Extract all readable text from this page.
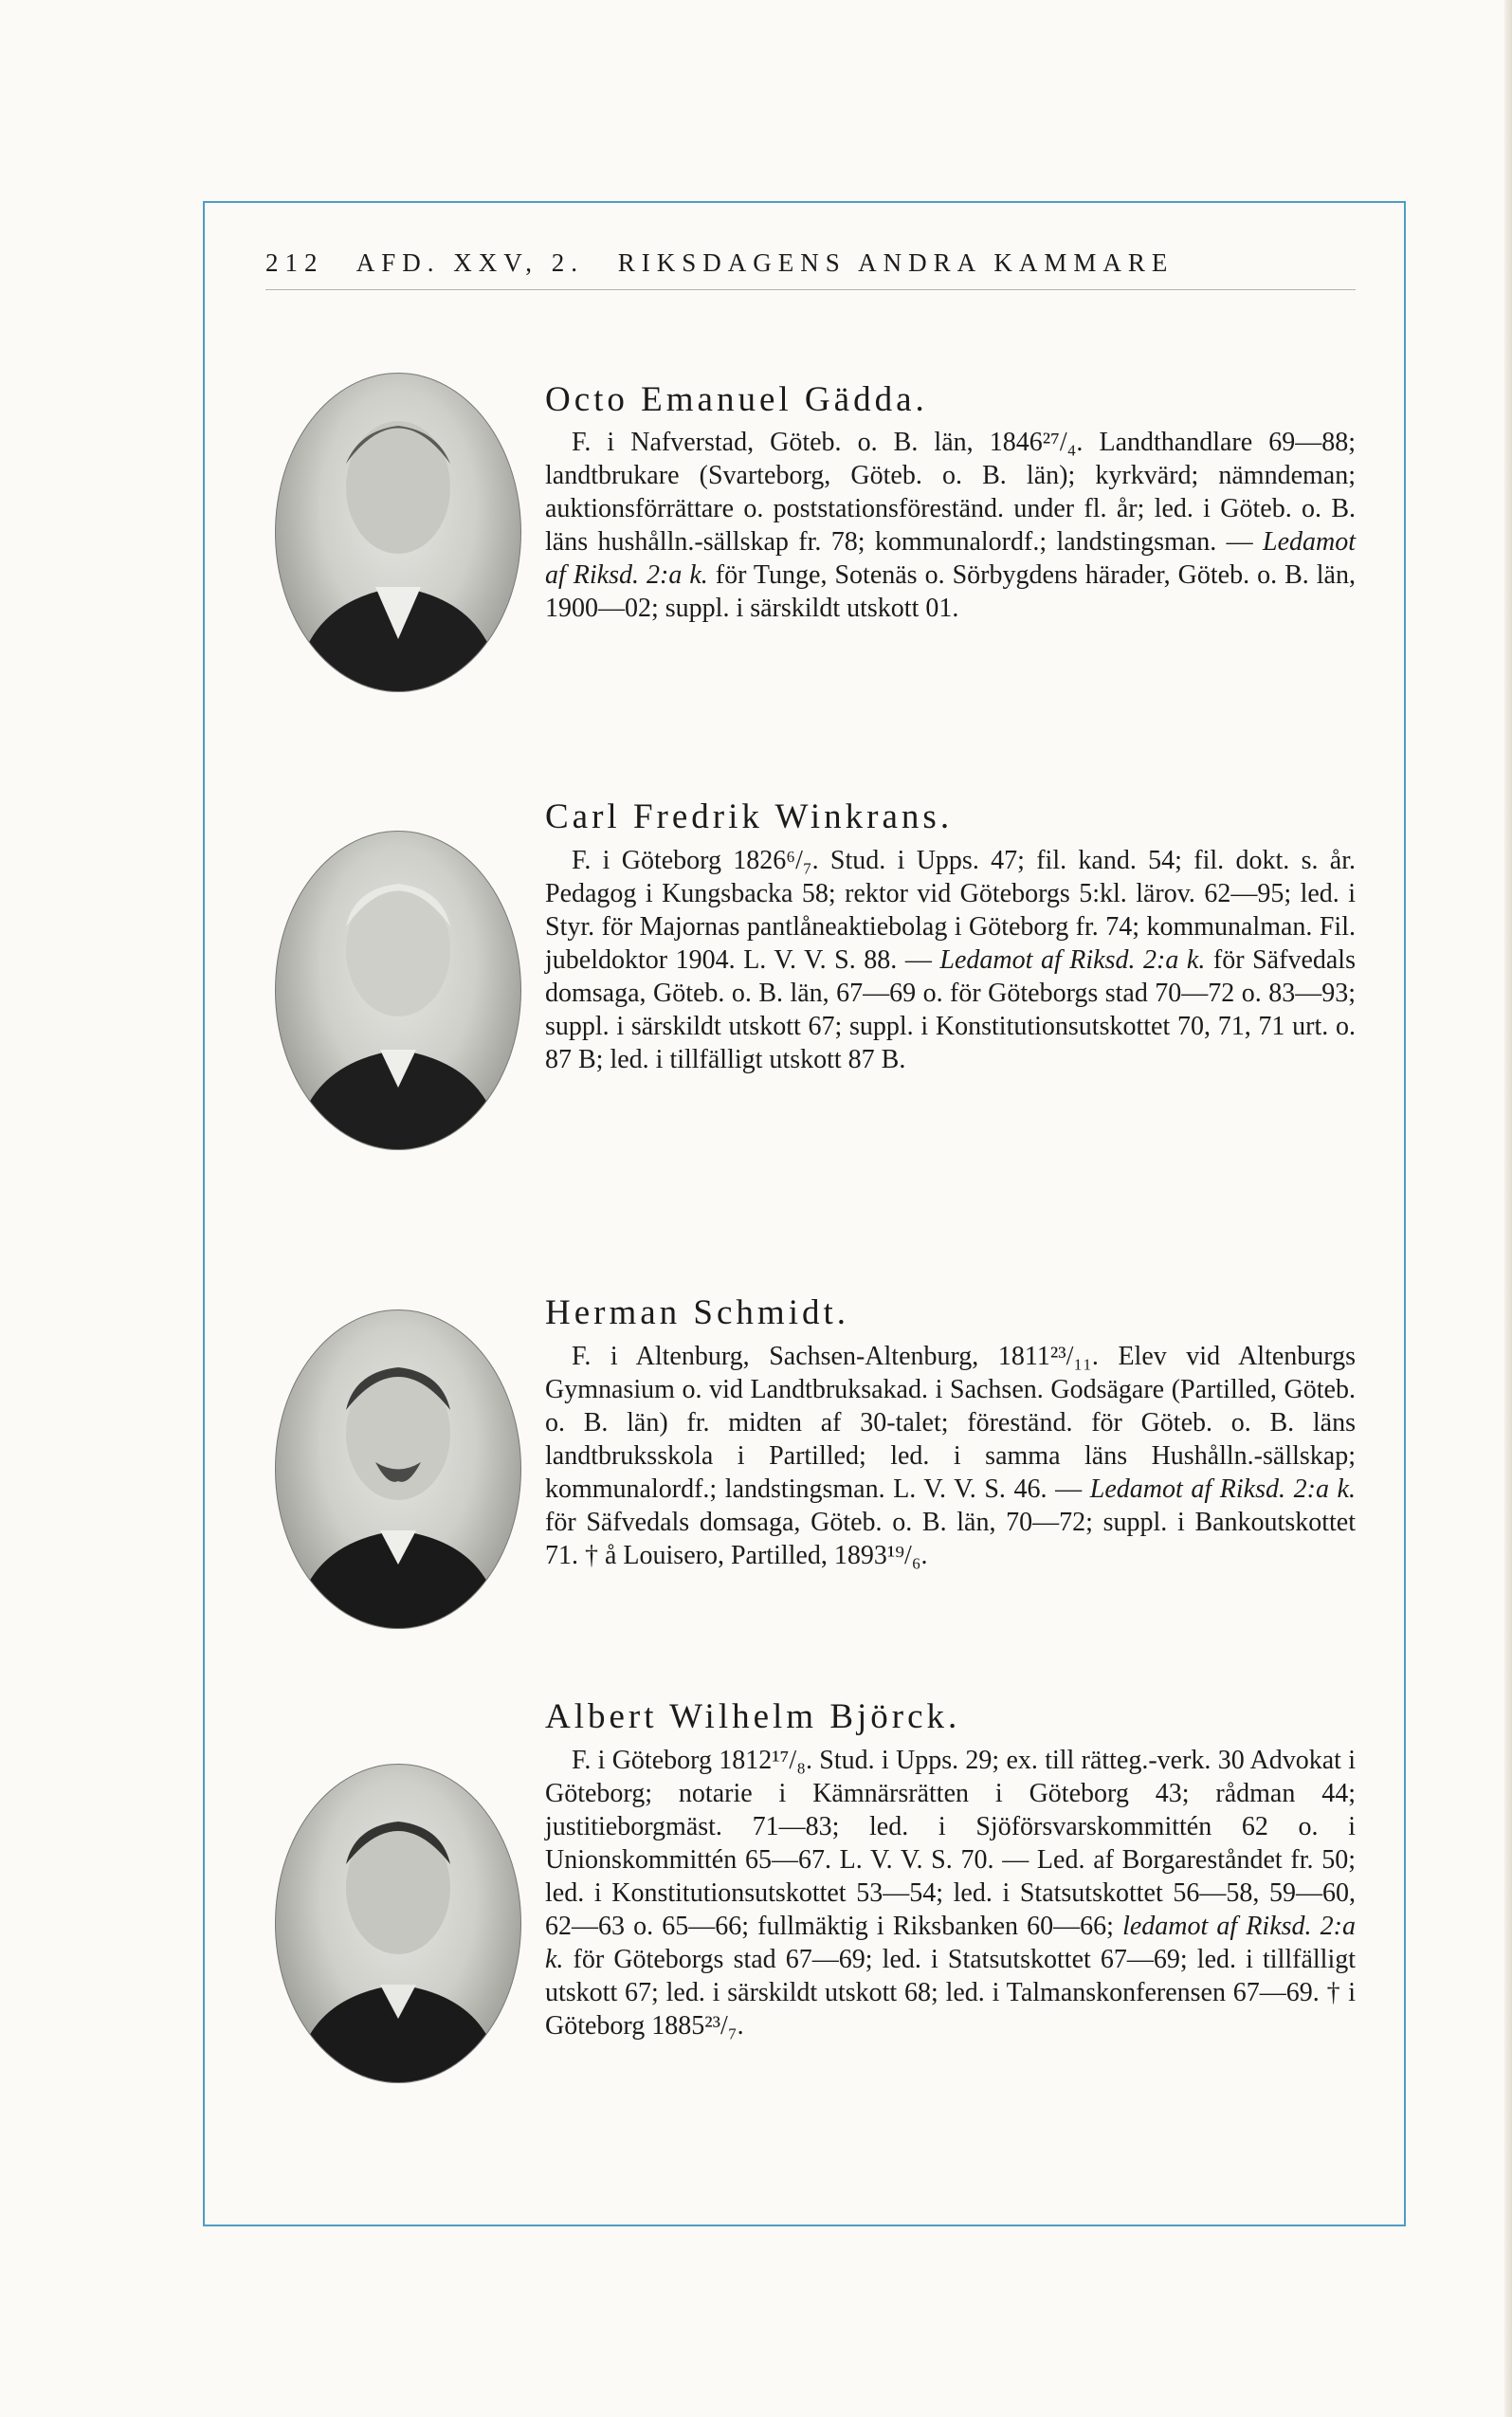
212 AFD. XXV, 2. RIKSDAGENS ANDRA KAMMARE
Octo Emanuel Gädda.

F. i Nafverstad, Göteb. o. B. län, 1846²⁷/₄. Landthandlare 69—88; landtbrukare (Svarteborg, Göteb. o. B. län); kyrkvärd; nämndeman; auktionsförrättare o. poststationsföreständ. under fl. år; led. i Göteb. o. B. läns hushålln.-sällskap fr. 78; kommunalordf.; landstingsman. — Ledamot af Riksd. 2:a k. för Tunge, Sotenäs o. Sörbygdens härader, Göteb. o. B. län, 1900—02; suppl. i särskildt utskott 01.

Carl Fredrik Winkrans.

F. i Göteborg 1826⁶/₇. Stud. i Upps. 47; fil. kand. 54; fil. dokt. s. år. Pedagog i Kungsbacka 58; rektor vid Göteborgs 5:kl. lärov. 62—95; led. i Styr. för Majornas pantlåneaktiebolag i Göteborg fr. 74; kommunalman. Fil. jubeldoktor 1904. L. V. V. S. 88. — Ledamot af Riksd. 2:a k. för Säfvedals domsaga, Göteb. o. B. län, 67—69 o. för Göteborgs stad 70—72 o. 83—93; suppl. i särskildt utskott 67; suppl. i Konstitutionsutskottet 70, 71, 71 urt. o. 87 B; led. i tillfälligt utskott 87 B.

Herman Schmidt.

F. i Altenburg, Sachsen-Altenburg, 1811²³/₁₁. Elev vid Altenburgs Gymnasium o. vid Landtbruksakad. i Sachsen. Godsägare (Partilled, Göteb. o. B. län) fr. midten af 30-talet; föreständ. för Göteb. o. B. läns landtbruksskola i Partilled; led. i samma läns Hushålln.-sällskap; kommunalordf.; landstingsman. L. V. V. S. 46. — Ledamot af Riksd. 2:a k. för Säfvedals domsaga, Göteb. o. B. län, 70—72; suppl. i Bankoutskottet 71. † å Louisero, Partilled, 1893¹⁹/₆.

Albert Wilhelm Björck.

F. i Göteborg 1812¹⁷/₈. Stud. i Upps. 29; ex. till rätteg.-verk. 30 Advokat i Göteborg; notarie i Kämnärsrätten i Göteborg 43; rådman 44; justitieborgmäst. 71—83; led. i Sjöförsvarskommittén 62 o. i Unionskommittén 65—67. L. V. V. S. 70. — Led. af Borgareståndet fr. 50; led. i Konstitutionsutskottet 53—54; led. i Statsutskottet 56—58, 59—60, 62—63 o. 65—66; fullmäktig i Riksbanken 60—66; ledamot af Riksd. 2:a k. för Göteborgs stad 67—69; led. i Statsutskottet 67—69; led. i tillfälligt utskott 67; led. i särskildt utskott 68; led. i Talmanskonferensen 67—69. † i Göteborg 1885²³/₇.
